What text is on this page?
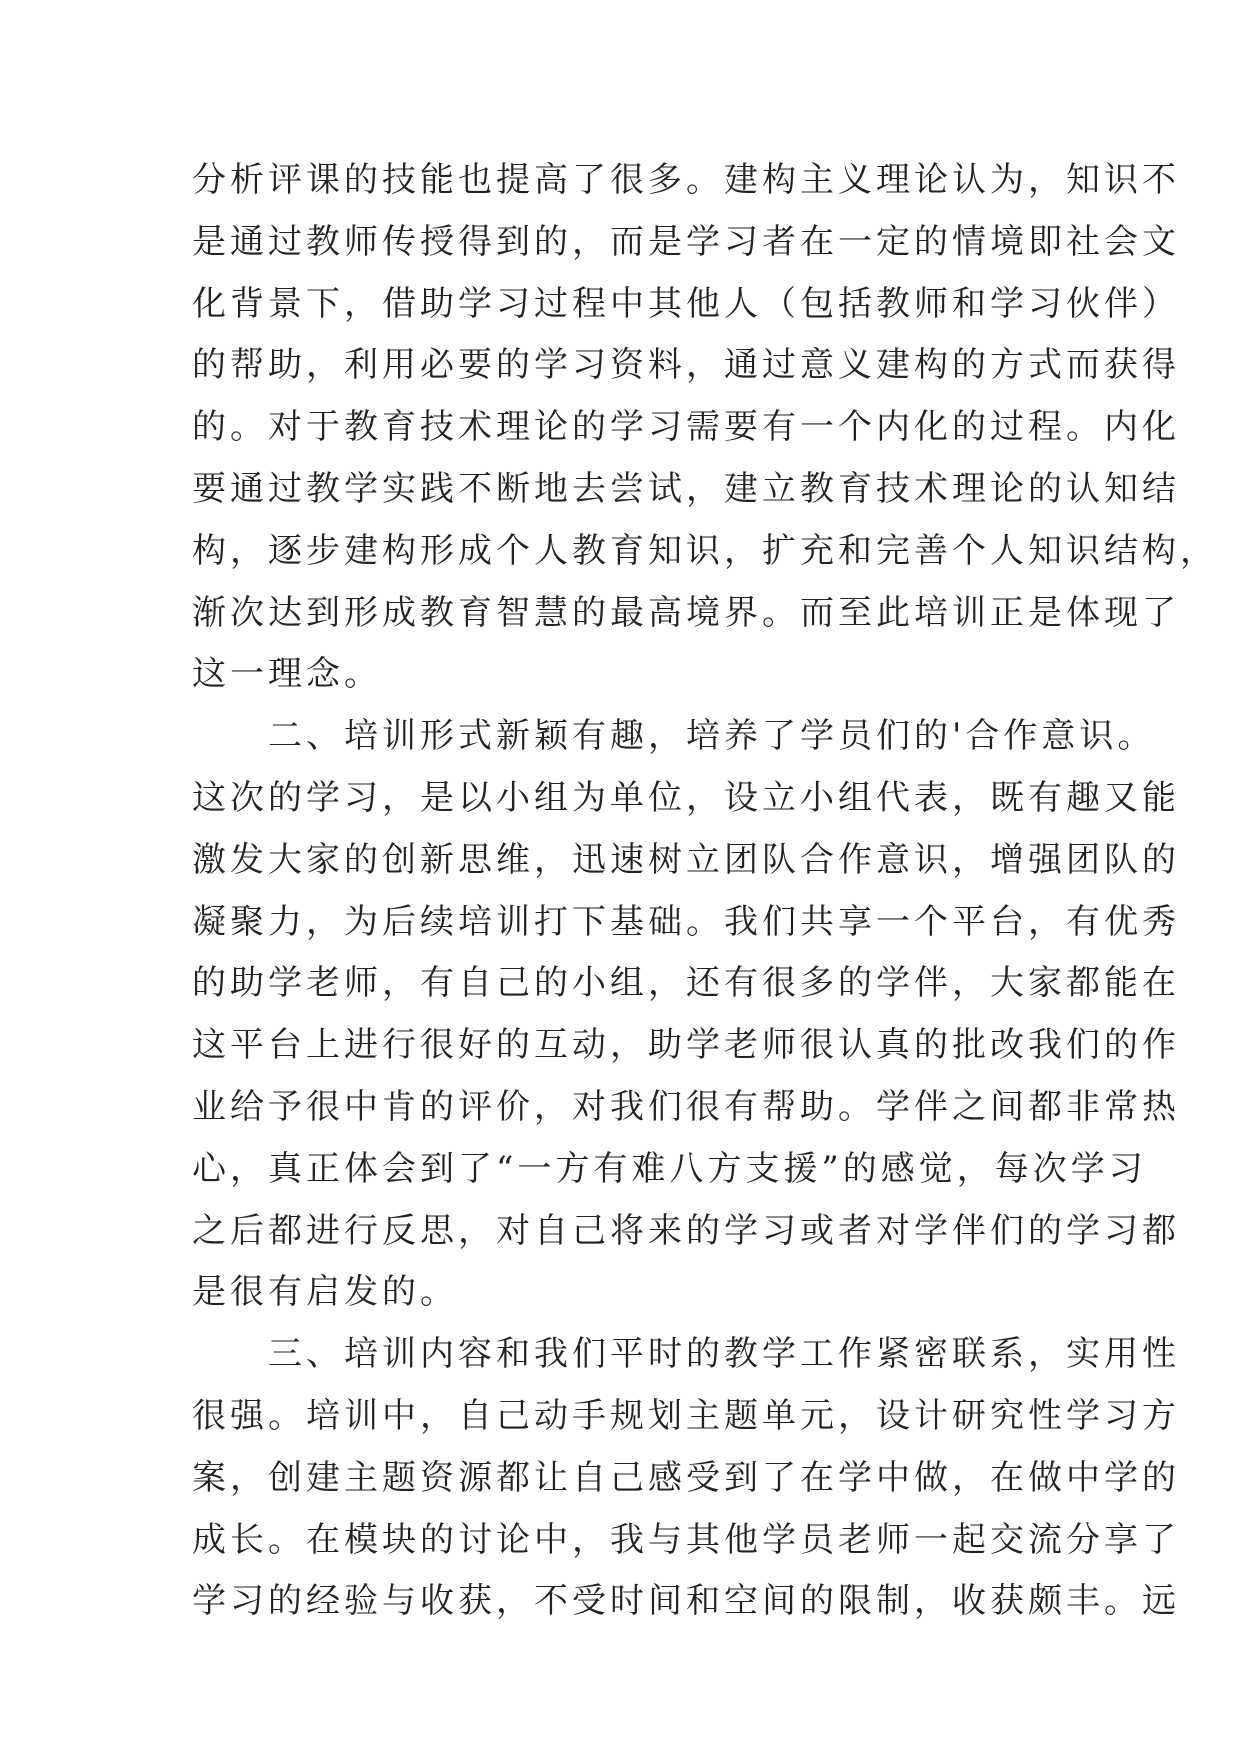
分析评课的技能也提高了很多。建构主义理论认为，知识不
是通过教师传授得到的，而是学习者在一定的情境即社会文
化背景下，借助学习过程中其他人（包括教师和学习伙伴）
的帮助，利用必要的学习资料，通过意义建构的方式而获得
的。对于教育技术理论的学习需要有一个内化的过程。内化
要通过教学实践不断地去尝试，建立教育技术理论的认知结
构，逐步建构形成个人教育知识，扩充和完善个人知识结构，
渐次达到形成教育智慧的最高境界。而至此培训正是体现了
这一理念。
　　二、培训形式新颖有趣，培养了学员们的'合作意识。
这次的学习，是以小组为单位，设立小组代表，既有趣又能
激发大家的创新思维，迅速树立团队合作意识，增强团队的
凝聚力，为后续培训打下基础。我们共享一个平台，有优秀
的助学老师，有自己的小组，还有很多的学伴，大家都能在
这平台上进行很好的互动，助学老师很认真的批改我们的作
业给予很中肯的评价，对我们很有帮助。学伴之间都非常热
心，真正体会到了“一方有难八方支援”的感觉，每次学习
之后都进行反思，对自己将来的学习或者对学伴们的学习都
是很有启发的。
　　三、培训内容和我们平时的教学工作紧密联系，实用性
很强。培训中，自己动手规划主题单元，设计研究性学习方
案，创建主题资源都让自己感受到了在学中做，在做中学的
成长。在模块的讨论中，我与其他学员老师一起交流分享了
学习的经验与收获，不受时间和空间的限制，收获颇丰。远
